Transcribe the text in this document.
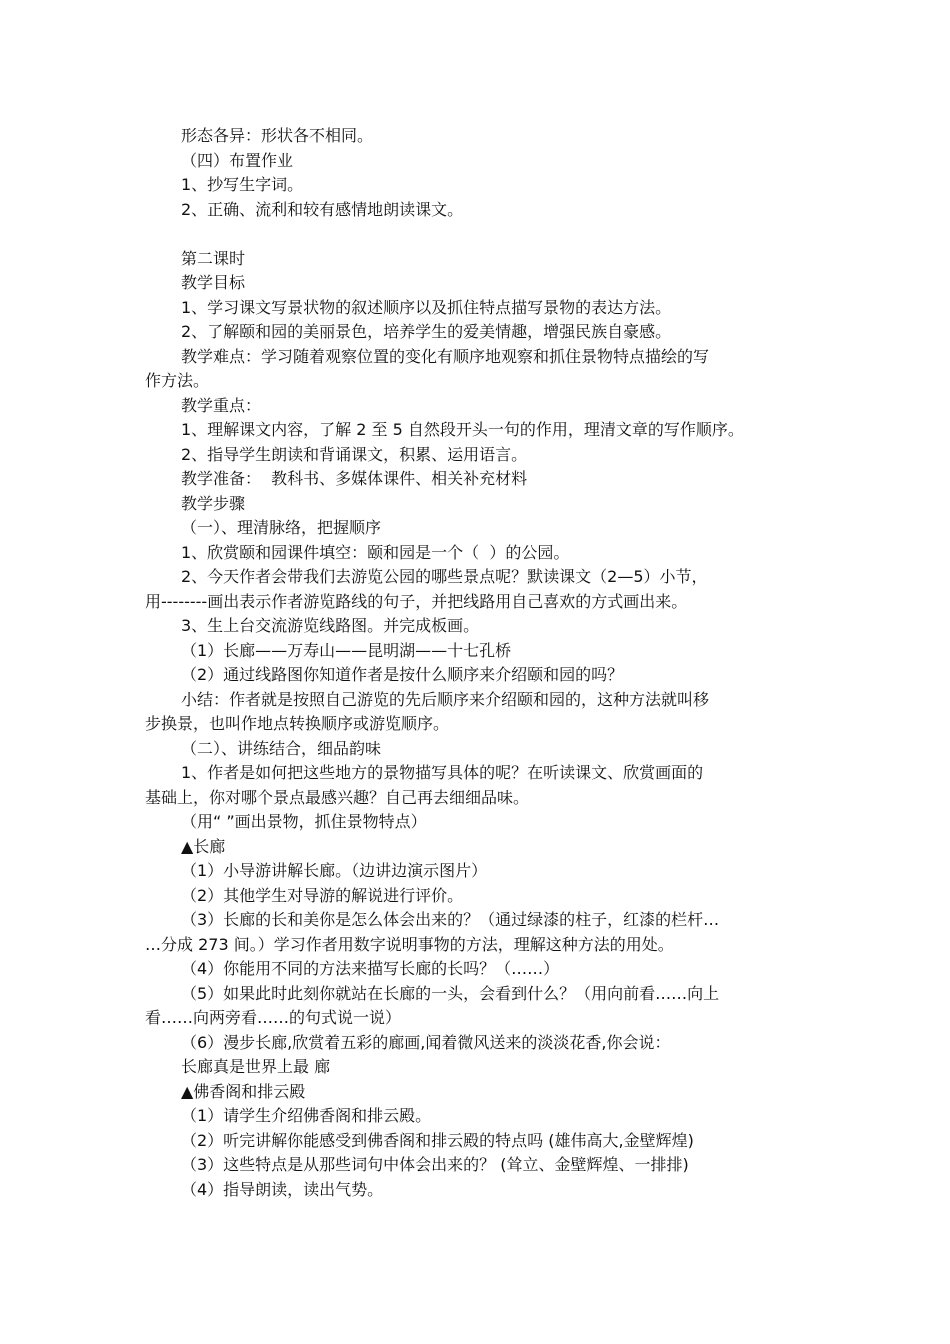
形态各异：形状各不相同。
（四）布置作业
1、抄写生字词。
2、正确、流利和较有感情地朗读课文。
第二课时
教学目标
1、学习课文写景状物的叙述顺序以及抓住特点描写景物的表达方法。
2、了解颐和园的美丽景色，培养学生的爱美情趣，增强民族自豪感。
教学难点：学习随着观察位置的变化有顺序地观察和抓住景物特点描绘的写
作方法。
教学重点：
1、理解课文内容，了解 2 至 5 自然段开头一句的作用，理清文章的写作顺序。
2、指导学生朗读和背诵课文，积累、运用语言。
教学准备：  教科书、多媒体课件、相关补充材料
教学步骤
（一）、理清脉络，把握顺序
1、欣赏颐和园课件填空：颐和园是一个（  ）的公园。
2、今天作者会带我们去游览公园的哪些景点呢？默读课文（2—5）小节，
用--------画出表示作者游览路线的句子，并把线路用自己喜欢的方式画出来。
3、生上台交流游览线路图。并完成板画。
（1）长廊——万寿山——昆明湖——十七孔桥
（2）通过线路图你知道作者是按什么顺序来介绍颐和园的吗？
小结：作者就是按照自己游览的先后顺序来介绍颐和园的，这种方法就叫移
步换景，也叫作地点转换顺序或游览顺序。
（二）、讲练结合，细品韵味
1、作者是如何把这些地方的景物描写具体的呢？在听读课文、欣赏画面的
基础上，你对哪个景点最感兴趣？自己再去细细品味。
（用“ ”画出景物，抓住景物特点）
▲长廊
（1）小导游讲解长廊。（边讲边演示图片）
（2）其他学生对导游的解说进行评价。
（3）长廊的长和美你是怎么体会出来的？（通过绿漆的柱子，红漆的栏杆…
…分成 273 间。）学习作者用数字说明事物的方法，理解这种方法的用处。
（4）你能用不同的方法来描写长廊的长吗？（……）
（5）如果此时此刻你就站在长廊的一头，会看到什么？（用向前看……向上
看……向两旁看……的句式说一说）
（6）漫步长廊,欣赏着五彩的廊画,闻着微风送来的淡淡花香,你会说：
长廊真是世界上最 廊
▲佛香阁和排云殿
（1）请学生介绍佛香阁和排云殿。
（2）听完讲解你能感受到佛香阁和排云殿的特点吗 (雄伟高大,金壁辉煌)
（3）这些特点是从那些词句中体会出来的？ (耸立、金壁辉煌、一排排)
（4）指导朗读，读出气势。
